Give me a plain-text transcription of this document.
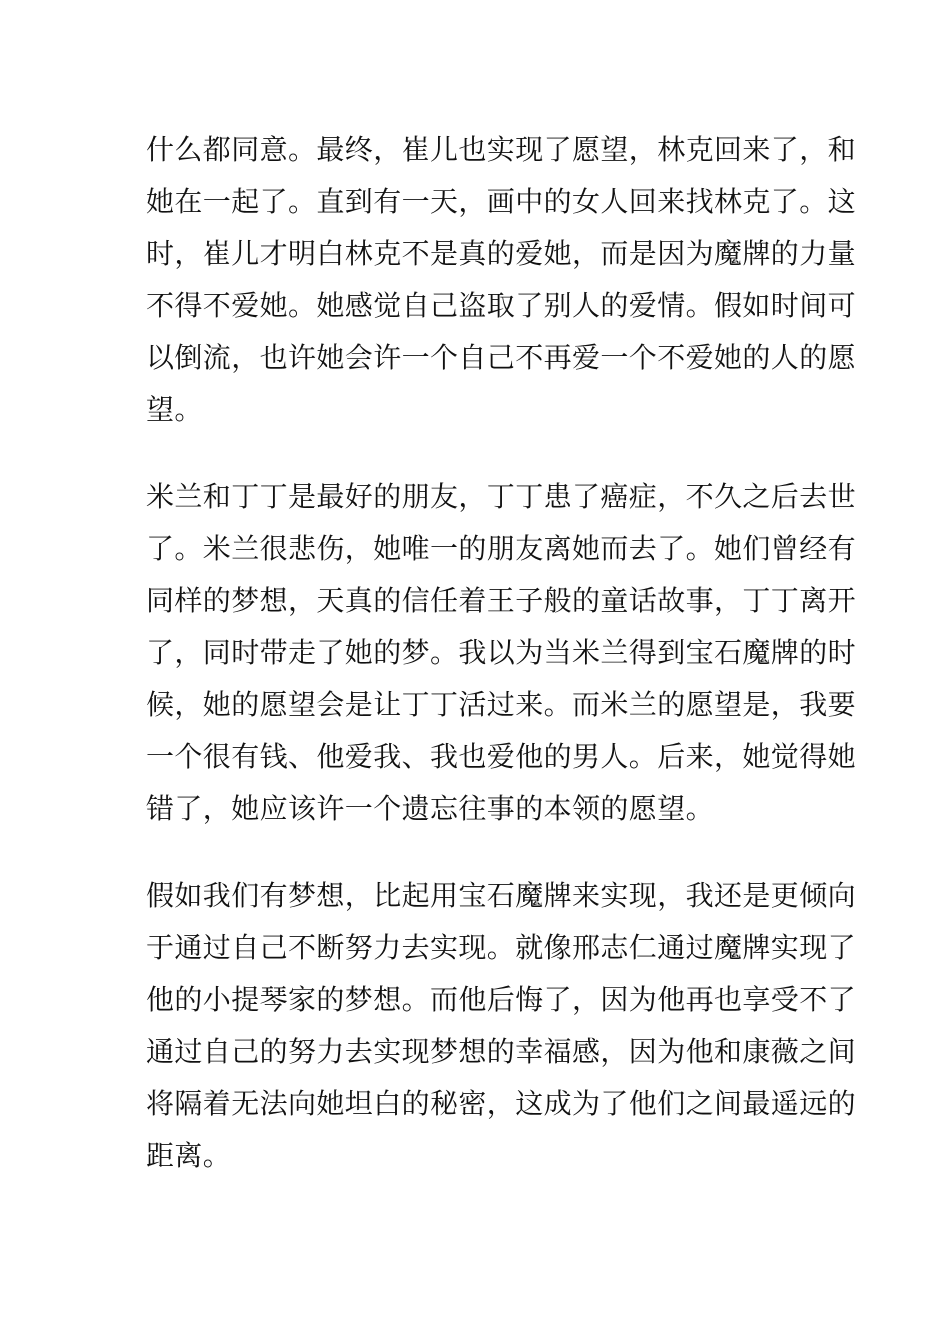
什么都同意。最终，崔儿也实现了愿望，林克回来了，和
她在一起了。直到有一天，画中的女人回来找林克了。这
时，崔儿才明白林克不是真的爱她，而是因为魔牌的力量
不得不爱她。她感觉自己盗取了别人的爱情。假如时间可
以倒流，也许她会许一个自己不再爱一个不爱她的人的愿
望。
米兰和丁丁是最好的朋友，丁丁患了癌症，不久之后去世
了。米兰很悲伤，她唯一的朋友离她而去了。她们曾经有
同样的梦想，天真的信任着王子般的童话故事，丁丁离开
了，同时带走了她的梦。我以为当米兰得到宝石魔牌的时
候，她的愿望会是让丁丁活过来。而米兰的愿望是，我要
一个很有钱、他爱我、我也爱他的男人。后来，她觉得她
错了，她应该许一个遗忘往事的本领的愿望。
假如我们有梦想，比起用宝石魔牌来实现，我还是更倾向
于通过自己不断努力去实现。就像邢志仁通过魔牌实现了
他的小提琴家的梦想。而他后悔了，因为他再也享受不了
通过自己的努力去实现梦想的幸福感，因为他和康薇之间
将隔着无法向她坦白的秘密，这成为了他们之间最遥远的
距离。
